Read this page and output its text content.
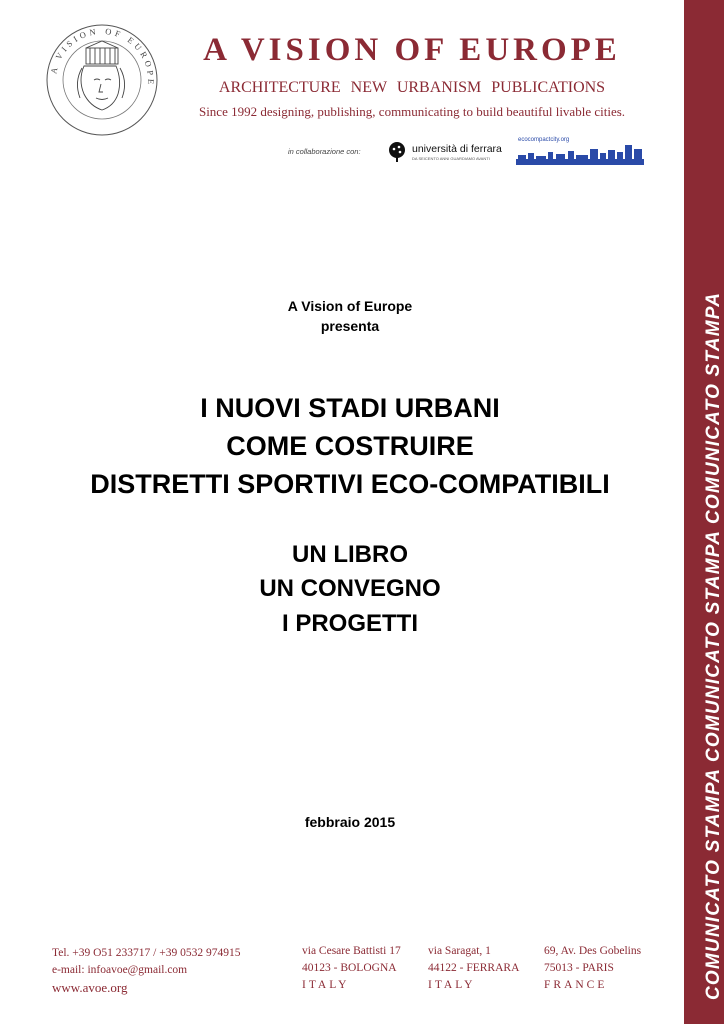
A VISION OF EUROPE
A VISION OF EUROPE
ARCHITECTURE NEW URBANISM PUBLICATIONS
Since 1992 designing, publishing, communicating to build beautiful livable cities.
in collaborazione con:	università di ferrara
DA SEICENTO ANNI GUARDIAMO AVANTI
ecocompactcity.org
A Vision of Europe
presenta
I NUOVI STADI URBANI
COME COSTRUIRE
DISTRETTI SPORTIVI ECO-COMPATIBILI
UN LIBRO
UN CONVEGNO
I PROGETTI
febbraio 2015
Tel. +39 O51 233717 / +39 0532 974915
e-mail: infoavoe@gmail.com
www.avoe.org
via Cesare Battisti 17
40123 - BOLOGNA
ITALY
via Saragat, 1
44122 - FERRARA
ITALY
69, Av. Des Gobelins
75013 - PARIS
FRANCE	COMUNICATO STAMPA COMUNICATO STAMPA COMUNICATO STAMPA
